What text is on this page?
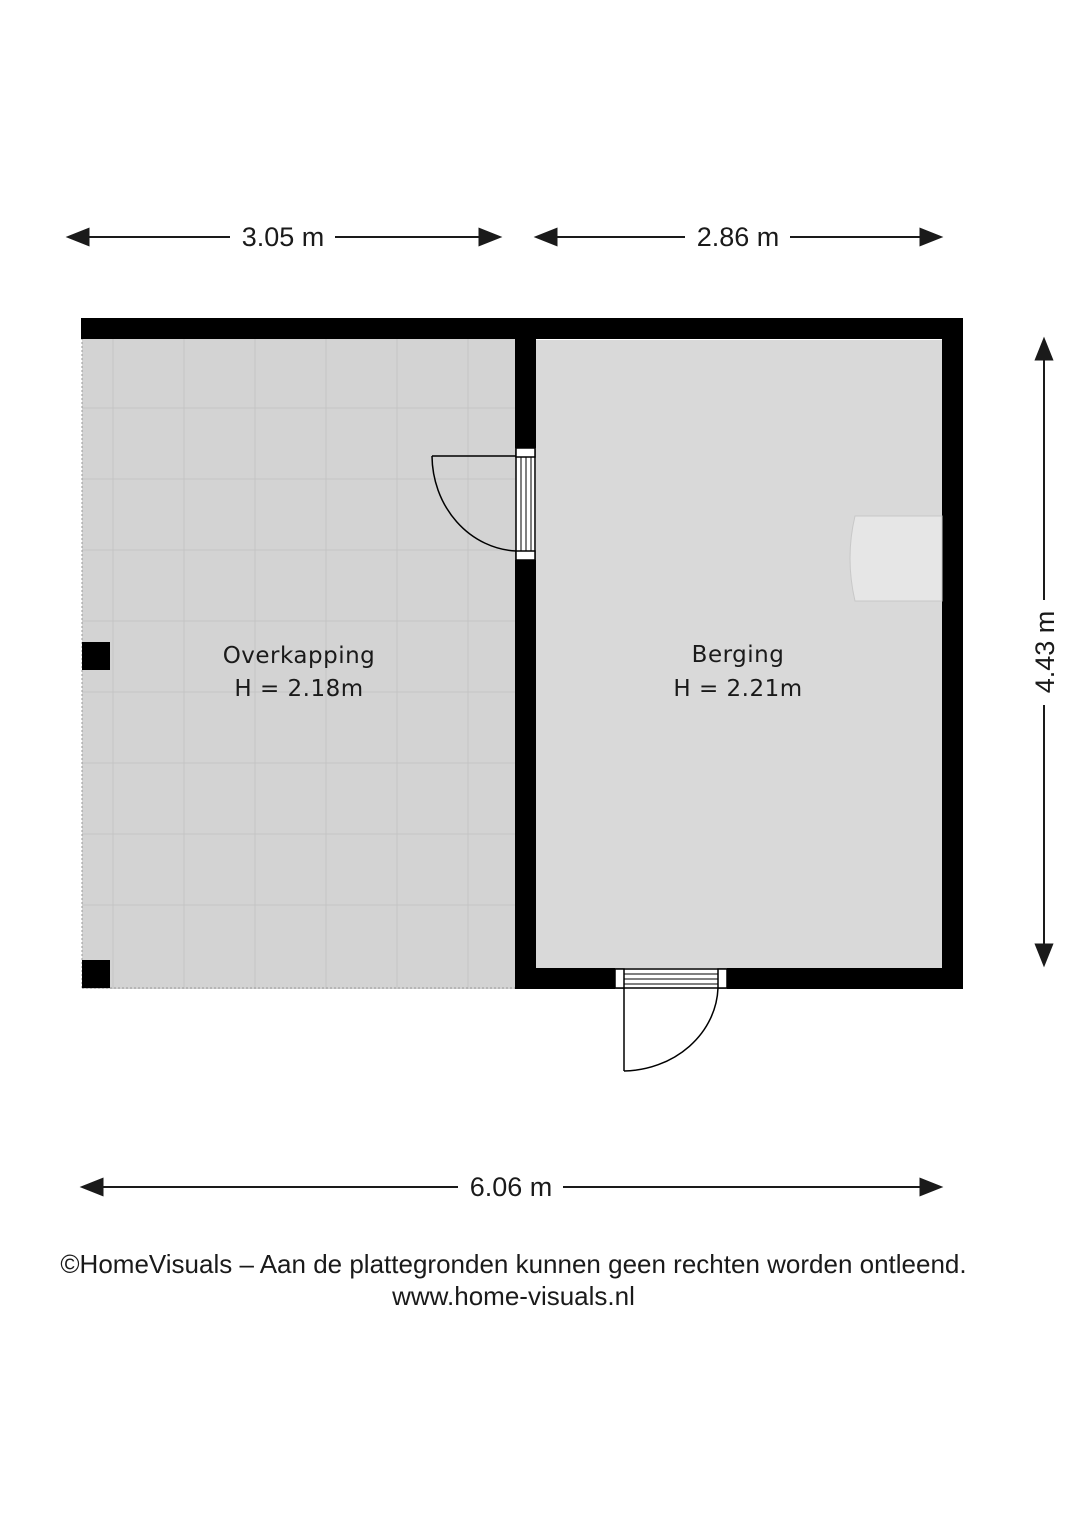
3.05 m	2.86 m
4.43 m
Overkapping
H = 2.18m
Berging
H = 2.21m
6.06 m
©HomeVisuals – Aan de plattegronden kunnen geen rechten worden ontleend.
www.home-visuals.nl
